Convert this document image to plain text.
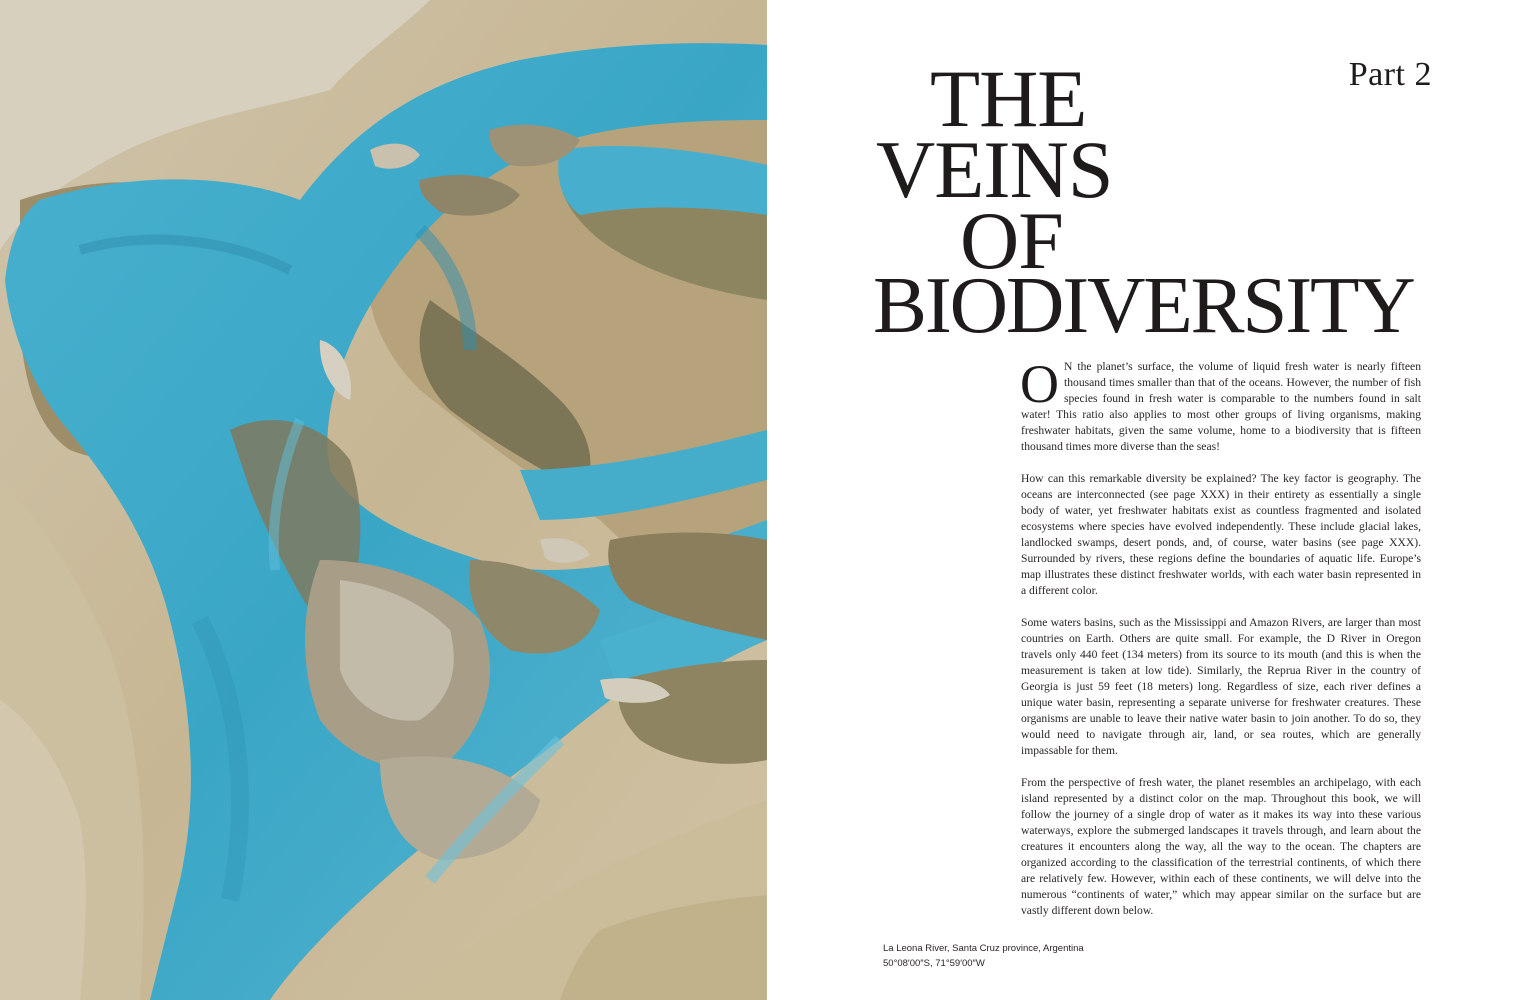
Part 2
THE
VEINS
OF
BIODIVERSITY

O N the planet’s surface, the volume of liquid fresh water is nearly fifteen thousand times smaller than that of the oceans. However, the number of fish species found in fresh water is comparable to the numbers found in salt water! This ratio also applies to most other groups of living organisms, making freshwater habitats, given the same volume, home to a biodiversity that is fifteen thousand times more diverse than the seas!

How can this remarkable diversity be explained? The key factor is geography. The oceans are interconnected (see page XXX) in their entirety as essentially a single body of water, yet freshwater habitats exist as countless fragmented and isolated ecosystems where species have evolved independently. These include glacial lakes, landlocked swamps, desert ponds, and, of course, water basins (see page XXX). Surrounded by rivers, these regions define the boundaries of aquatic life. Europe’s map illustrates these distinct freshwater worlds, with each water basin represented in a different color.

Some waters basins, such as the Mississippi and Amazon Rivers, are larger than most countries on Earth. Others are quite small. For example, the D River in Oregon travels only 440 feet (134 meters) from its source to its mouth (and this is when the measurement is taken at low tide). Similarly, the Repruа River in the country of Georgia is just 59 feet (18 meters) long. Regardless of size, each river defines a unique water basin, representing a separate universe for freshwater creatures. These organisms are unable to leave their native water basin to join another. To do so, they would need to navigate through air, land, or sea routes, which are generally impassable for them.

From the perspective of fresh water, the planet resembles an archipelago, with each island represented by a distinct color on the map. Throughout this book, we will follow the journey of a single drop of water as it makes its way into these various waterways, explore the submerged landscapes it travels through, and learn about the creatures it encounters along the way, all the way to the ocean. The chapters are organized according to the classification of the terrestrial continents, of which there are relatively few. However, within each of these continents, we will delve into the numerous “continents of water,” which may appear similar on the surface but are vastly different down below.

La Leona River, Santa Cruz province, Argentina
50°08′00″S, 71°59′00″W
